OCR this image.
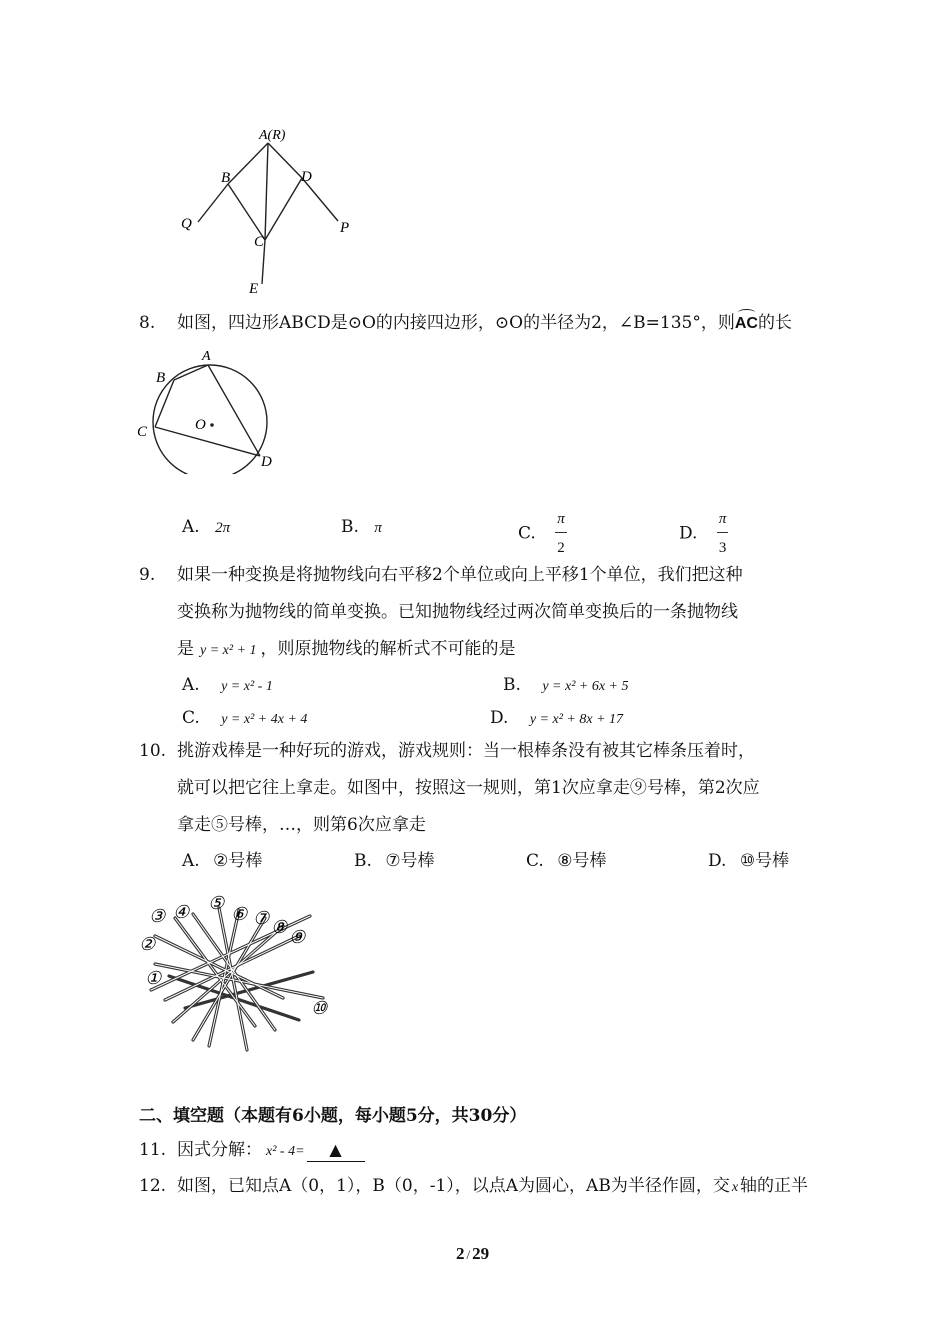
A(R)
B	D
Q
C
P
E
8. 如图，四边形ABCD是⊙O的内接四边形，⊙O的半径为2，∠B=135°，则
AC的长
A
B
C	O
D
A. 2π	B. π	C. $\frac{\pi}{2}$	D. $\frac{\pi}{3}$
9. 如果一种变换是将抛物线向右平移2个单位或向上平移1个单位，我们把这种
变换称为抛物线的简单变换。已知抛物线经过两次简单变换后的一条抛物线
是 y = x² + 1 ，则原抛物线的解析式不可能的是
A. y = x² - 1	B. y = x² + 6x + 5
C. y = x² + 4x + 4	D. y = x² + 8x + 17
10. 挑游戏棒是一种好玩的游戏，游戏规则：当一根棒条没有被其它棒条压着时，
就可以把它往上拿走。如图中，按照这一规则，第1次应拿走⑨号棒，第2次应
拿走⑤号棒，…，则第6次应拿走
A. ②号棒	B. ⑦号棒	C. ⑧号棒	D. ⑩号棒
①
②
③ ④ ⑤
⑥ ⑦ ⑧ ⑨
⑩
二、填空题（本题有6小题，每小题5分，共30分）
11. 因式分解： x² - 4= ▲
12. 如图，已知点A（0，1），B（0，-1），以点A为圆心，AB为半径作圆，交 x 轴的正半
2 / 29
